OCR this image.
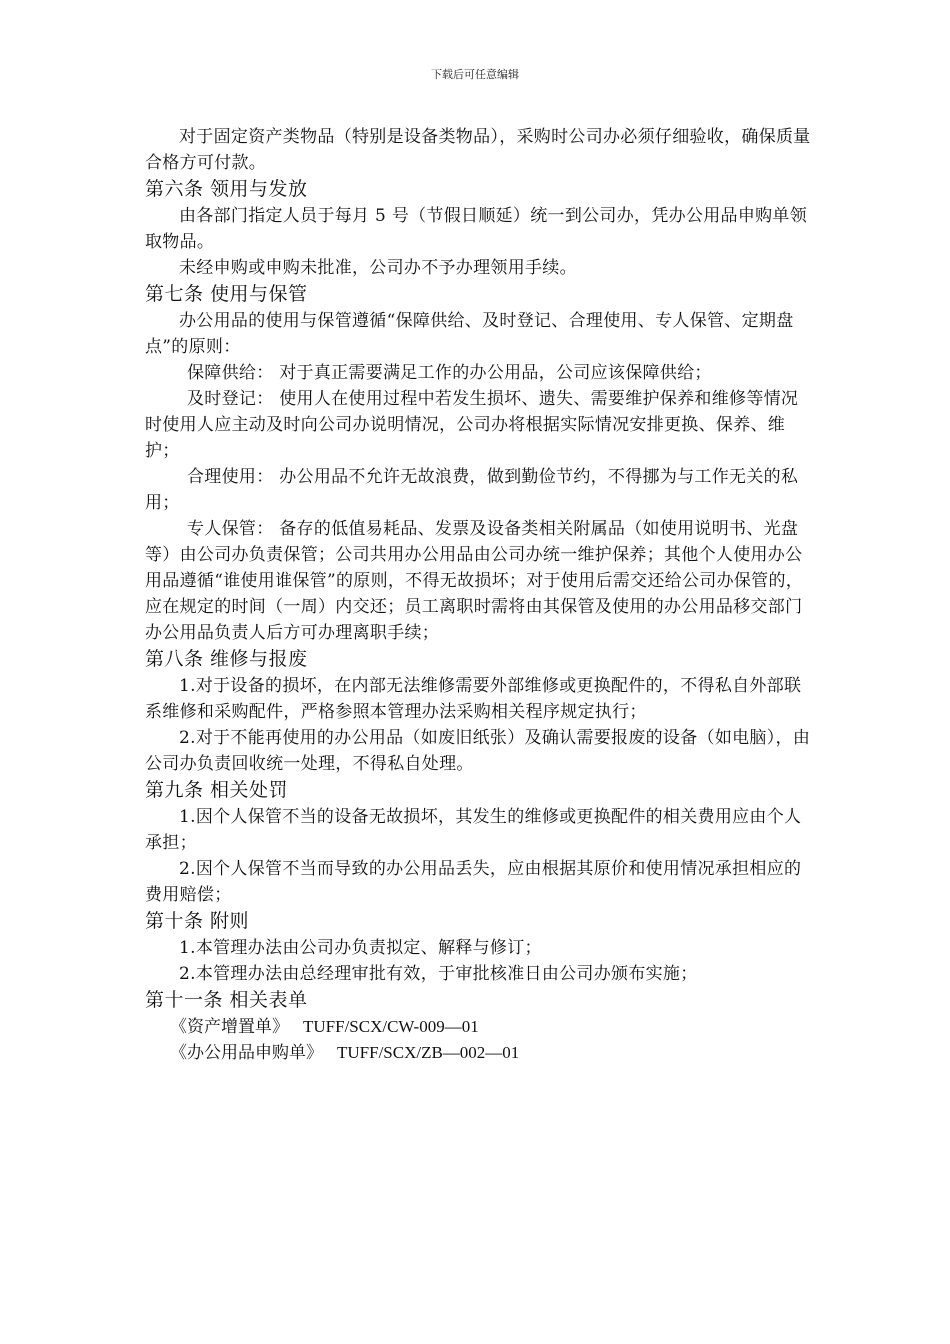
下载后可任意编辑

对于固定资产类物品（特别是设备类物品），采购时公司办必须仔细验收，确保质量合格方可付款。

第六条 领用与发放

由各部门指定人员于每月 5 号（节假日顺延）统一到公司办，凭办公用品申购单领取物品。

未经申购或申购未批准，公司办不予办理领用手续。

第七条 使用与保管

办公用品的使用与保管遵循“保障供给、及时登记、合理使用、专人保管、定期盘点”的原则：

保障供给： 对于真正需要满足工作的办公用品，公司应该保障供给；

及时登记： 使用人在使用过程中若发生损坏、遗失、需要维护保养和维修等情况时使用人应主动及时向公司办说明情况，公司办将根据实际情况安排更换、保养、维护；

合理使用： 办公用品不允许无故浪费，做到勤俭节约，不得挪为与工作无关的私用；

专人保管： 备存的低值易耗品、发票及设备类相关附属品（如使用说明书、光盘等）由公司办负责保管；公司共用办公用品由公司办统一维护保养；其他个人使用办公用品遵循“谁使用谁保管”的原则，不得无故损坏；对于使用后需交还给公司办保管的，应在规定的时间（一周）内交还；员工离职时需将由其保管及使用的办公用品移交部门办公用品负责人后方可办理离职手续；

第八条 维修与报废

1.对于设备的损坏，在内部无法维修需要外部维修或更换配件的，不得私自外部联系维修和采购配件，严格参照本管理办法采购相关程序规定执行；

2.对于不能再使用的办公用品（如废旧纸张）及确认需要报废的设备（如电脑），由公司办负责回收统一处理，不得私自处理。

第九条 相关处罚

1.因个人保管不当的设备无故损坏，其发生的维修或更换配件的相关费用应由个人承担；

2.因个人保管不当而导致的办公用品丢失，应由根据其原价和使用情况承担相应的费用赔偿；

第十条 附则

1.本管理办法由公司办负责拟定、解释与修订；

2.本管理办法由总经理审批有效，于审批核准日由公司办颁布实施；

第十一条 相关表单

《资产增置单》 TUFF/SCX/CW-009—01

《办公用品申购单》 TUFF/SCX/ZB—002—01
